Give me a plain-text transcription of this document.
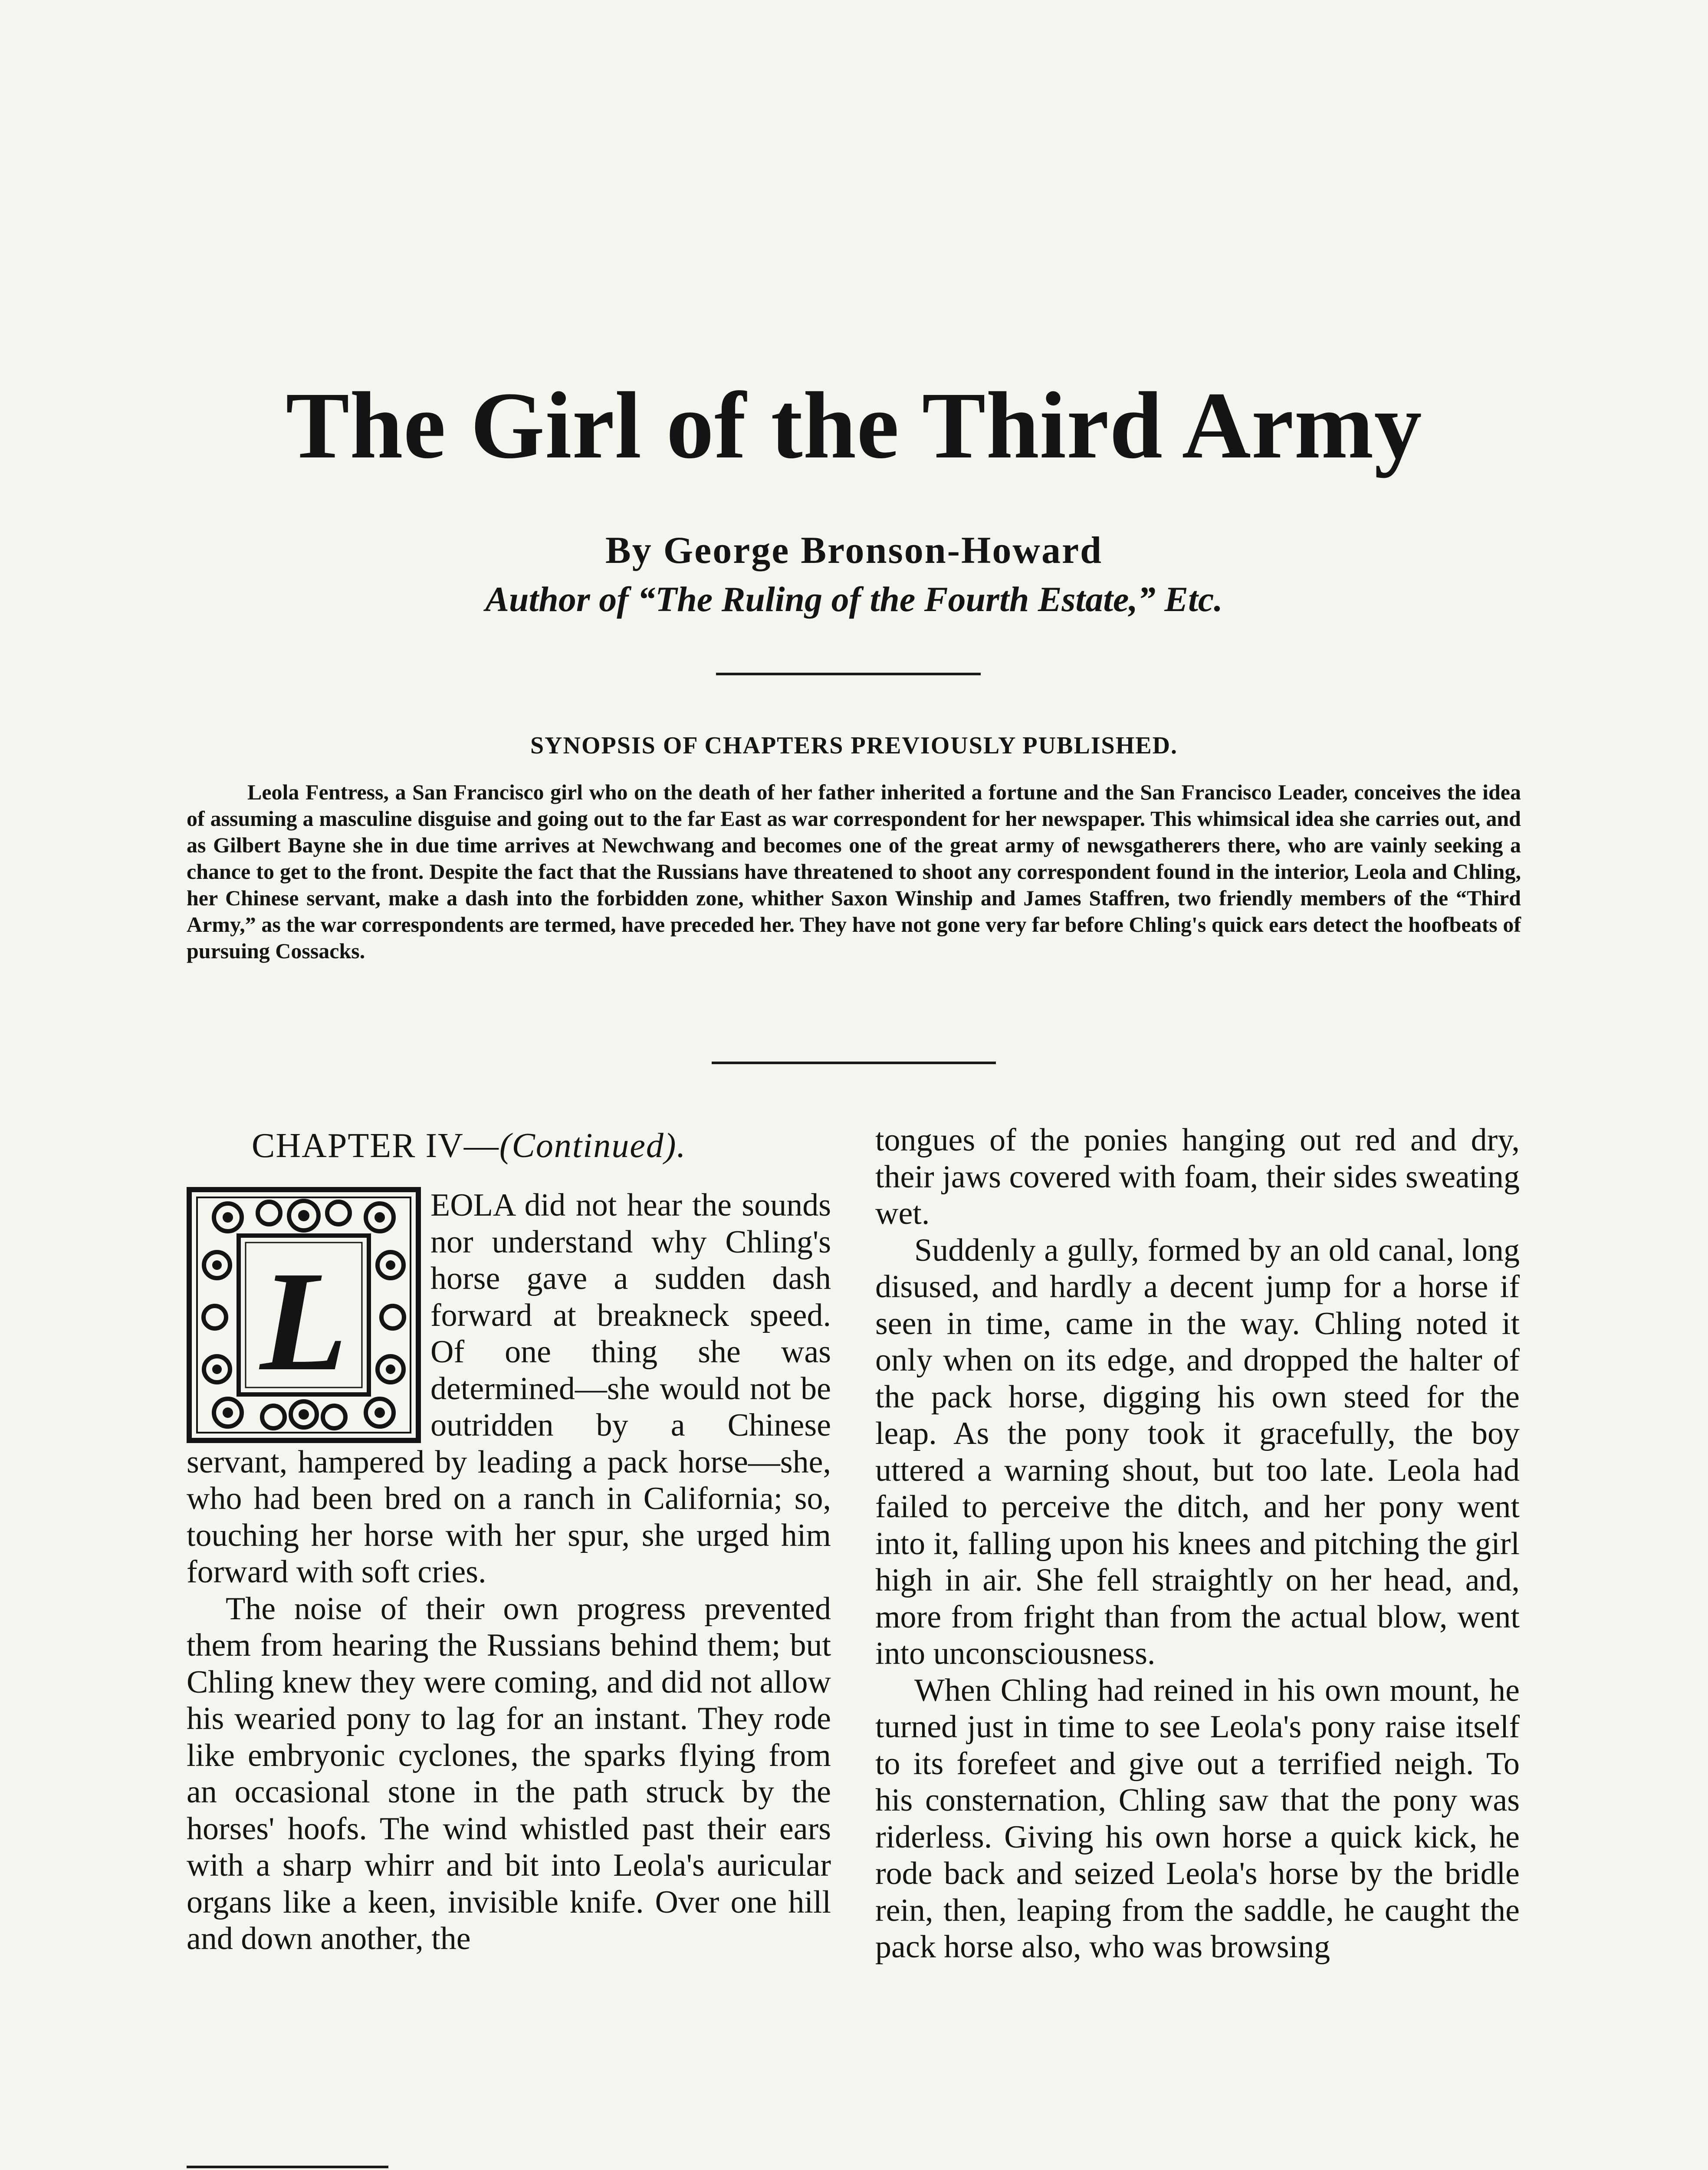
The Girl of the Third Army
By George Bronson-Howard
Author of “The Ruling of the Fourth Estate,” Etc.
SYNOPSIS OF CHAPTERS PREVIOUSLY PUBLISHED.

Leola Fentress, a San Francisco girl who on the death of her father inherited a fortune and the San Francisco Leader, conceives the idea of assuming a masculine disguise and going out to the far East as war correspondent for her newspaper. This whimsical idea she carries out, and as Gilbert Bayne she in due time arrives at Newchwang and becomes one of the great army of newsgatherers there, who are vainly seeking a chance to get to the front. Despite the fact that the Russians have threatened to shoot any correspondent found in the interior, Leola and Chling, her Chinese servant, make a dash into the forbidden zone, whither Saxon Winship and James Staffren, two friendly members of the “Third Army,” as the war correspondents are termed, have preceded her. They have not gone very far before Chling's quick ears detect the hoofbeats of pursuing Cossacks.

CHAPTER IV—(Continued).
L

EOLA did not hear the sounds nor understand why Chling's horse gave a sudden dash forward at breakneck speed. Of one thing she was determined—she would not be outridden by a Chinese servant, hampered by leading a pack horse—she, who had been bred on a ranch in California; so, touching her horse with her spur, she urged him forward with soft cries.

The noise of their own progress prevented them from hearing the Russians behind them; but Chling knew they were coming, and did not allow his wearied pony to lag for an instant. They rode like embryonic cyclones, the sparks flying from an occasional stone in the path struck by the horses' hoofs. The wind whistled past their ears with a sharp whirr and bit into Leola's auricular organs like a keen, invisible knife. Over one hill and down another, the

tongues of the ponies hanging out red and dry, their jaws covered with foam, their sides sweating wet.

Suddenly a gully, formed by an old canal, long disused, and hardly a decent jump for a horse if seen in time, came in the way. Chling noted it only when on its edge, and dropped the halter of the pack horse, digging his own steed for the leap. As the pony took it gracefully, the boy uttered a warning shout, but too late. Leola had failed to perceive the ditch, and her pony went into it, falling upon his knees and pitching the girl high in air. She fell straightly on her head, and, more from fright than from the actual blow, went into unconsciousness.

When Chling had reined in his own mount, he turned just in time to see Leola's pony raise itself to its forefeet and give out a terrified neigh. To his consternation, Chling saw that the pony was riderless. Giving his own horse a quick kick, he rode back and seized Leola's horse by the bridle rein, then, leaping from the saddle, he caught the pack horse also, who was browsing
